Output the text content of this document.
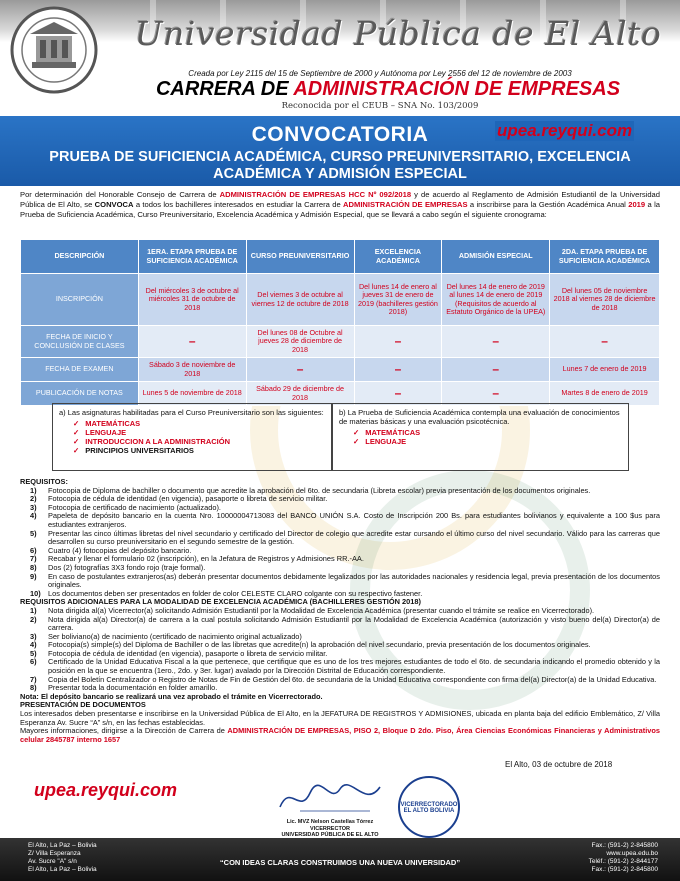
Universidad Pública de El Alto
Creada por Ley 2115 del 15 de Septiembre de 2000 y Autónoma por Ley 2556 del 12 de noviembre de 2003
CARRERA DE ADMINISTRACIÓN DE EMPRESAS
Reconocida por el CEUB – SNA No. 103/2009
CONVOCATORIA
PRUEBA DE SUFICIENCIA ACADÉMICA, CURSO PREUNIVERSITARIO, EXCELENCIA ACADÉMICA Y ADMISIÓN ESPECIAL
upea.reyqui.com
Por determinación del Honorable Consejo de Carrera de ADMINISTRACIÓN DE EMPRESAS HCC Nº 092/2018 y de acuerdo al Reglamento de Admisión Estudiantil de la Universidad Pública de El Alto, se CONVOCA a todos los bachilleres interesados en estudiar la Carrera de ADMINISTRACIÓN DE EMPRESAS a inscribirse para la Gestión Académica Anual 2019 a la Prueba de Suficiencia Académica, Curso Preuniversitario, Excelencia Académica y Admisión Especial, que se llevará a cabo según el siguiente cronograma:
DESCRIPCIÓN	1ERA. ETAPA PRUEBA DE SUFICIENCIA ACADÉMICA	CURSO PREUNIVERSITARIO	EXCELENCIA ACADÉMICA	ADMISIÓN ESPECIAL	2DA. ETAPA PRUEBA DE SUFICIENCIA ACADÉMICA
INSCRIPCIÓN	Del miércoles 3 de octubre al miércoles 31 de octubre de 2018	Del viernes 3 de octubre al viernes 12 de octubre de 2018	Del lunes 14 de enero al jueves 31 de enero de 2019 (bachilleres gestión 2018)	Del lunes 14 de enero de 2019 al lunes 14 de enero de 2019 (Requisitos de acuerdo al Estatuto Orgánico de la UPEA)	Del lunes 05 de noviembre 2018 al viernes 28 de diciembre de 2018
FECHA DE INICIO Y CONCLUSIÓN DE CLASES	–	Del lunes 08 de Octubre al jueves 28 de diciembre de 2018	–	–	–
FECHA DE EXAMEN	Sábado 3 de noviembre de 2018	–	–	–	Lunes 7 de enero de 2019
PUBLICACIÓN DE NOTAS	Lunes 5 de noviembre de 2018	Sábado 29 de diciembre de 2018	–	–	Martes 8 de enero de 2019
a) Las asignaturas habilitadas para el Curso Preuniversitario son las siguientes:
✓ MATEMÁTICAS
✓ LENGUAJE
✓ INTRODUCCION A LA ADMINISTRACIÓN
✓ PRINCIPIOS UNIVERSITARIOS
b) La Prueba de Suficiencia Académica contempla una evaluación de conocimientos de materias básicas y una evaluación psicotécnica.
✓ MATEMÁTICAS
✓ LENGUAJE
REQUISITOS:
1) Fotocopia de Diploma de bachiller o documento que acredite la aprobación del 6to. de secundaria (Libreta escolar) previa presentación de los documentos originales.
2) Fotocopia de cédula de identidad (en vigencia), pasaporte o libreta de servicio militar.
3) Fotocopia de certificado de nacimiento (actualizado).
4) Papeleta de depósito bancario en la cuenta Nro. 10000004713083 del BANCO UNIÓN S.A. Costo de Inscripción 200 Bs. para estudiantes bolivianos y equivalente a 100 $us para estudiantes extranjeros.
5) Presentar las cinco últimas libretas del nivel secundario y certificado del Director de colegio que acredite estar cursando el último curso del nivel secundario. Válido para las carreras que desarrollen su curso preuniversitario en el segundo semestre de la gestión.
6) Cuatro (4) fotocopias del depósito bancario.
7) Recabar y llenar el formulario 02 (inscripción), en la Jefatura de Registros y Admisiones RR.-AA.
8) Dos (2) fotografías 3X3 fondo rojo (traje formal).
9) En caso de postulantes extranjeros(as) deberán presentar documentos debidamente legalizados por las autoridades nacionales y residencia legal, previa presentación de los documentos originales.
10) Los documentos deben ser presentados en folder de color CELESTE CLARO colgante con su respectivo fastener.
REQUISITOS ADICIONALES PARA LA MODALIDAD DE EXCELENCIA ACADÉMICA (BACHILLERES GESTIÓN 2018)
1) Nota dirigida al(a) Vicerrector(a) solicitando Admisión Estudiantil por la Modalidad de Excelencia Académica (presentar cuando el trámite se realice en Vicerrectorado).
2) Nota dirigida al(a) Director(a) de carrera a la cual postula solicitando Admisión Estudiantil por la Modalidad de Excelencia Académica (autorización y visto bueno del(a) Director(a) de carrera.
3) Ser boliviano(a) de nacimiento (certificado de nacimiento original actualizado)
4) Fotocopia(s) simple(s) del Diploma de Bachiller o de las libretas que acredite(n) la aprobación del nivel secundario, previa presentación de los documentos originales.
5) Fotocopia de cédula de identidad (en vigencia), pasaporte o libreta de servicio militar.
6) Certificado de la Unidad Educativa Fiscal a la que pertenece, que certifique que es uno de los tres mejores estudiantes de todo el 6to. de secundaria indicando el promedio obtenido y la posición en la que se encuentra (1ero., 2do. y 3er. lugar) avalado por la Dirección Distrital de Educación correspondiente.
7) Copia del Boletín Centralizador o Registro de Notas de Fin de Gestión del 6to. de secundaria de la Unidad Educativa correspondiente con firma del(a) Director(a) de la Unidad Educativa.
8) Presentar toda la documentación en folder amarillo.
Nota: El depósito bancario se realizará una vez aprobado el trámite en Vicerrectorado.
PRESENTACIÓN DE DOCUMENTOS
Los interesados deben presentarse e inscribirse en la Universidad Pública de El Alto, en la JEFATURA DE REGISTROS Y ADMISIONES, ubicada en planta baja del edificio Emblemático, Z/ Villa Esperanza Av. Sucre “A” s/n, en las fechas establecidas.
Mayores informaciones, dirigirse a la Dirección de Carrera de ADMINISTRACIÓN DE EMPRESAS, PISO 2, Bloque D 2do. Piso, Área Ciencias Económicas Financieras y Administrativos celular 2845787 interno 1657
El Alto, 03 de octubre de 2018
upea.reyqui.com
Lic. MVZ Nelson Castellas Tórrez
VICERRECTOR
UNIVERSIDAD PÚBLICA DE EL ALTO
VICERRECTORADO EL ALTO BOLIVIA
El Alto, La Paz – Bolivia
Z/ Villa Esperanza
Av. Sucre "A" s/n
El Alto, La Paz – Bolivia
“CON IDEAS CLARAS CONSTRUIMOS UNA NUEVA UNIVERSIDAD”
Fax.: (591-2) 2-845800
www.upea.edu.bo
Teléf.: (591-2) 2-844177
Fax.: (591-2) 2-845800
